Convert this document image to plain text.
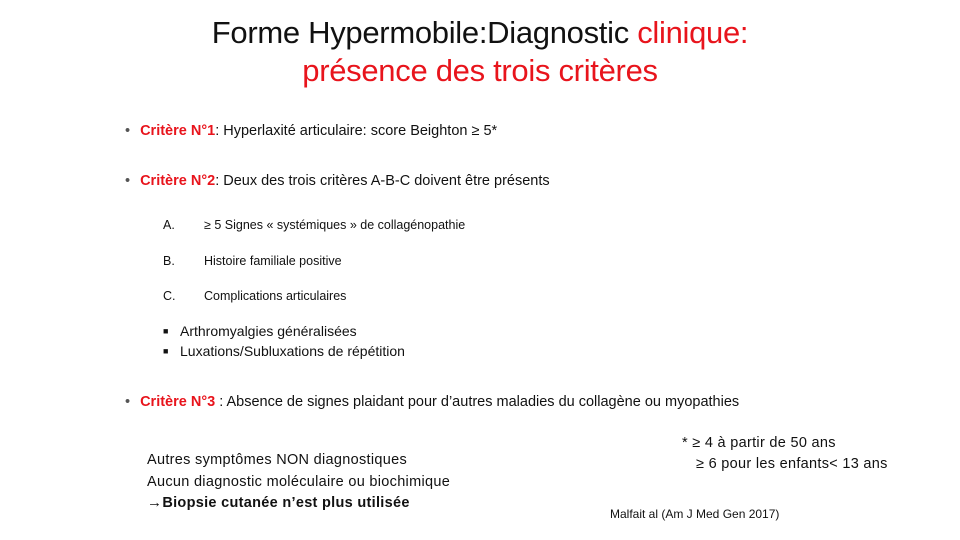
Forme Hypermobile:Diagnostic clinique:
présence des trois critères
• Critère N°1: Hyperlaxité articulaire: score Beighton ≥ 5*
• Critère N°2: Deux des trois critères A-B-C doivent être présents
A. ≥ 5 Signes « systémiques » de collagénopathie
B. Histoire familiale positive
C. Complications articulaires
■ Arthromyalgies généralisées
■ Luxations/Subluxations de répétition
• Critère N°3 : Absence de signes plaidant pour d’autres maladies du collagène ou myopathies
Autres symptômes NON diagnostiques
Aucun diagnostic moléculaire ou biochimique
→Biopsie cutanée n’est plus utilisée
* ≥ 4 à partir de 50 ans
≥ 6 pour les enfants< 13 ans
Malfait al (Am J Med Gen 2017)
